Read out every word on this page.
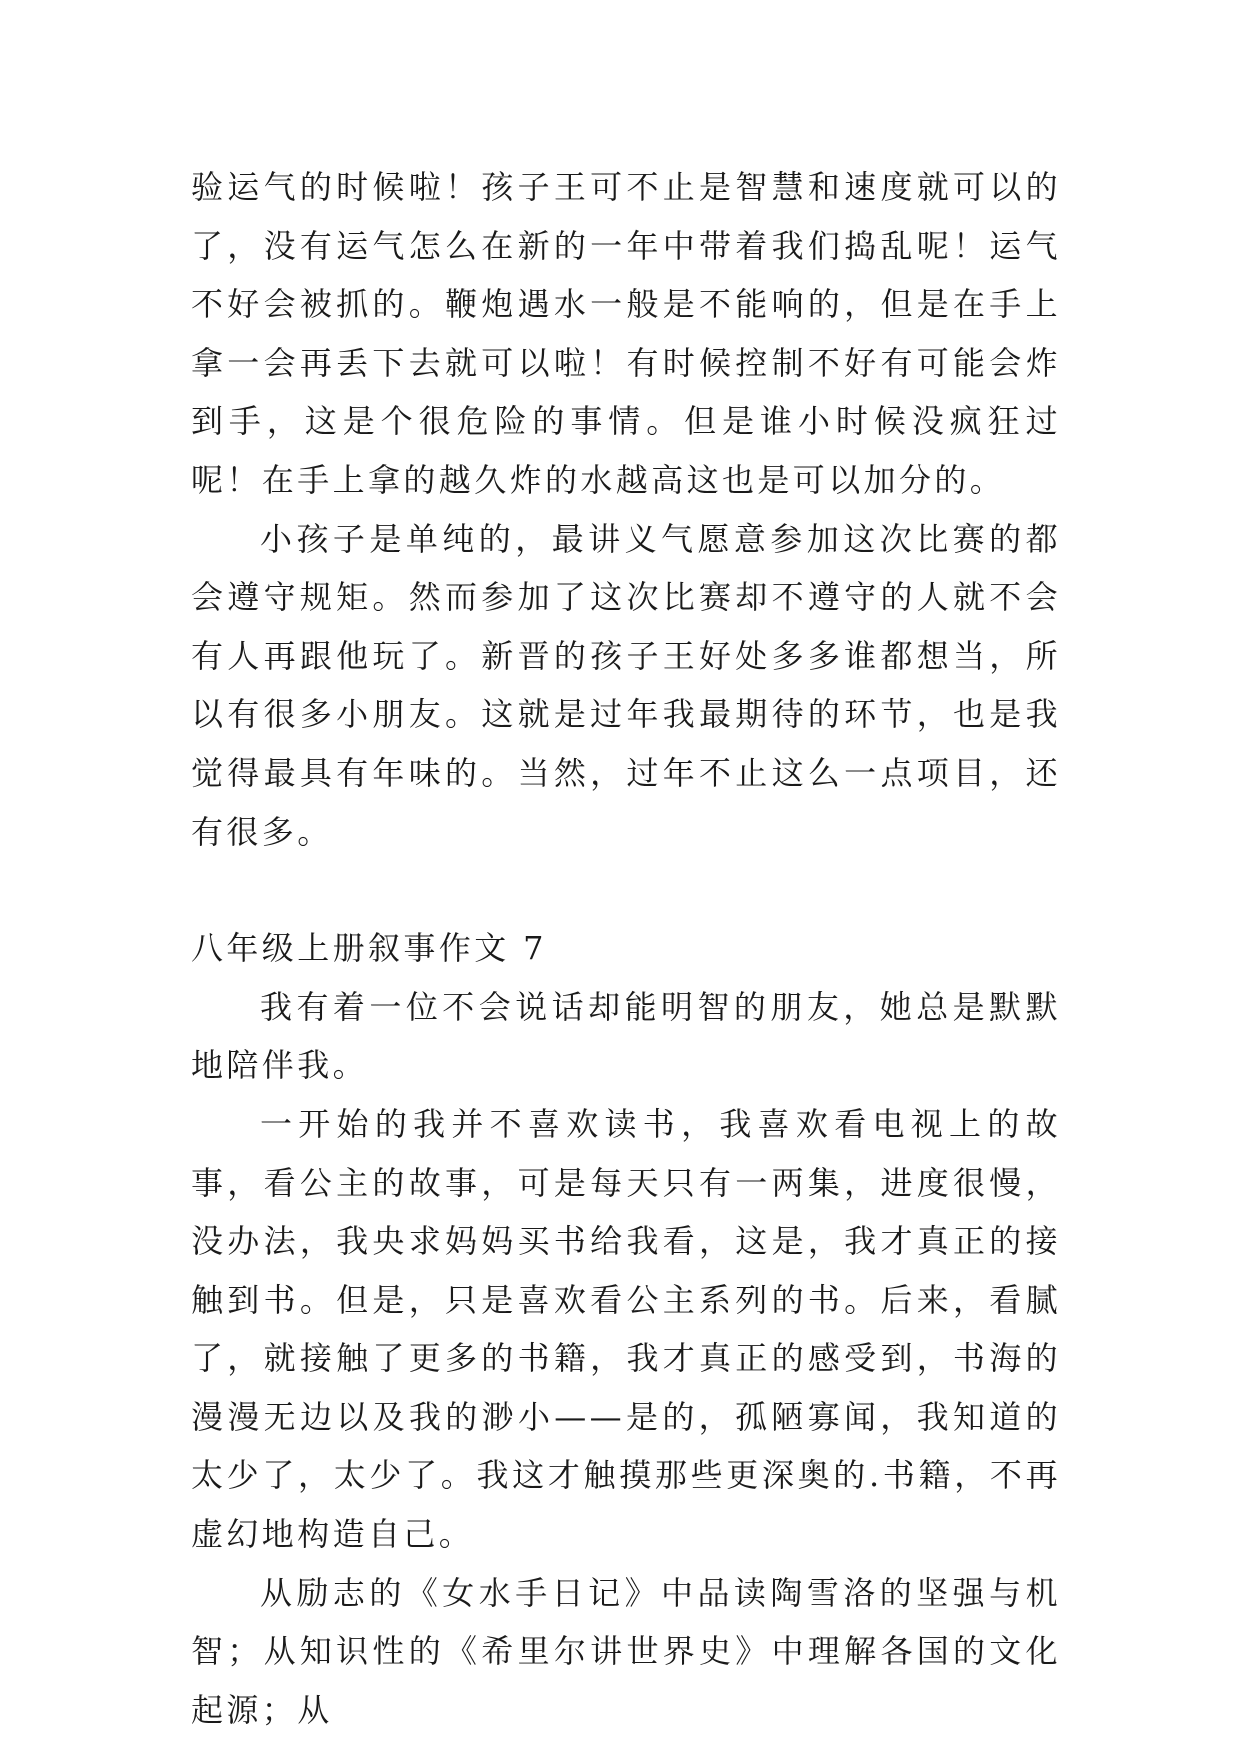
验运气的时候啦！孩子王可不止是智慧和速度就可以的了，没有运气怎么在新的一年中带着我们捣乱呢！运气不好会被抓的。鞭炮遇水一般是不能响的，但是在手上拿一会再丢下去就可以啦！有时候控制不好有可能会炸到手，这是个很危险的事情。但是谁小时候没疯狂过呢！在手上拿的越久炸的水越高这也是可以加分的。

小孩子是单纯的，最讲义气愿意参加这次比赛的都会遵守规矩。然而参加了这次比赛却不遵守的人就不会有人再跟他玩了。新晋的孩子王好处多多谁都想当，所以有很多小朋友。这就是过年我最期待的环节，也是我觉得最具有年味的。当然，过年不止这么一点项目，还有很多。

八年级上册叙事作文 7

我有着一位不会说话却能明智的朋友，她总是默默地陪伴我。

一开始的我并不喜欢读书，我喜欢看电视上的故事，看公主的故事，可是每天只有一两集，进度很慢，没办法，我央求妈妈买书给我看，这是，我才真正的接触到书。但是，只是喜欢看公主系列的书。后来，看腻了，就接触了更多的书籍，我才真正的感受到，书海的漫漫无边以及我的渺小——是的，孤陋寡闻，我知道的太少了，太少了。我这才触摸那些更深奥的.书籍，不再虚幻地构造自己。

从励志的《女水手日记》中品读陶雪洛的坚强与机智；从知识性的《希里尔讲世界史》中理解各国的文化起源；从
